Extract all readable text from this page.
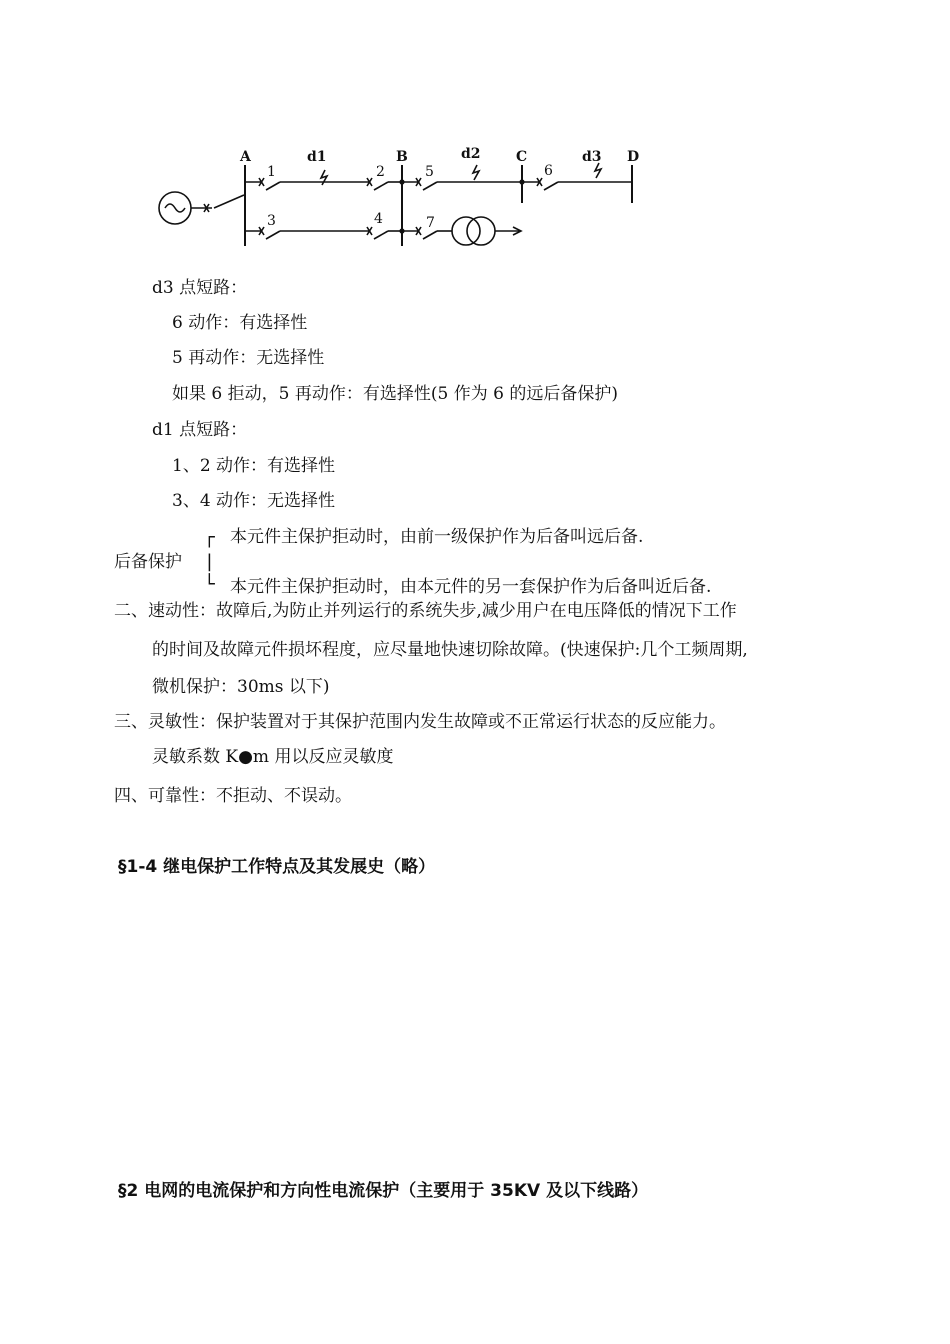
A	B	C	D
d1	d2	d3
1	2
3	4
5	6
7
d3 点短路：
6 动作：有选择性
5 再动作：无选择性
如果 6 拒动，5 再动作：有选择性(5 作为 6 的远后备保护)
d1 点短路：
1、2 动作：有选择性
3、4 动作：无选择性
┌
|
└
后备保护
本元件主保护拒动时，由前一级保护作为后备叫远后备.
本元件主保护拒动时，由本元件的另一套保护作为后备叫近后备.
二、速动性：故障后,为防止并列运行的系统失步,减少用户在电压降低的情况下工作
的时间及故障元件损坏程度，应尽量地快速切除故障。(快速保护:几个工频周期,
微机保护：30ms 以下)
三、灵敏性：保护装置对于其保护范围内发生故障或不正常运行状态的反应能力。
灵敏系数 K●m 用以反应灵敏度
四、可靠性：不拒动、不误动。
§1-4 继电保护工作特点及其发展史（略）
§2 电网的电流保护和方向性电流保护（主要用于 35KV 及以下线路）
